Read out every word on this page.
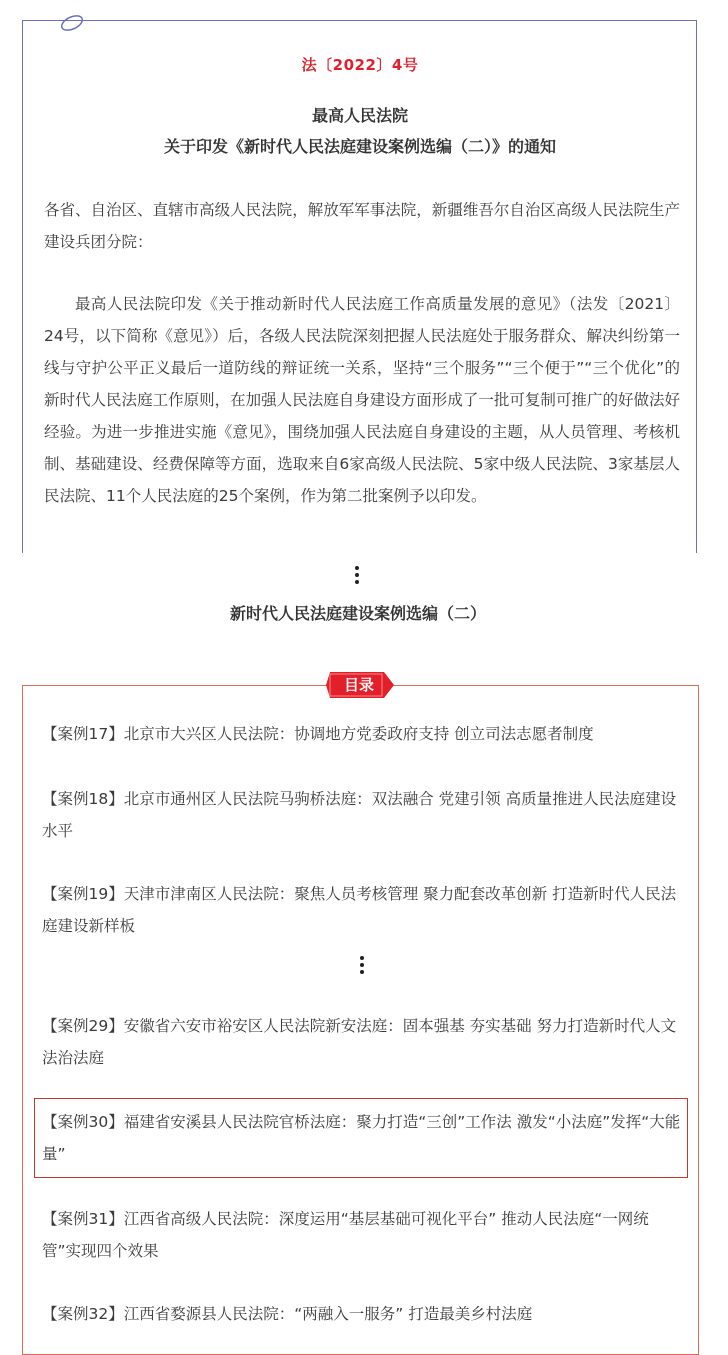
法〔2022〕4号
最高人民法院
关于印发《新时代人民法庭建设案例选编（二）》的通知

各省、自治区、直辖市高级人民法院，解放军军事法院，新疆维吾尔自治区高级人民法院生产建设兵团分院：

最高人民法院印发《关于推动新时代人民法庭工作高质量发展的意见》（法发〔2021〕24号，以下简称《意见》）后，各级人民法院深刻把握人民法庭处于服务群众、解决纠纷第一线与守护公平正义最后一道防线的辩证统一关系，坚持“三个服务”“三个便于”“三个优化”的新时代人民法庭工作原则，在加强人民法庭自身建设方面形成了一批可复制可推广的好做法好经验。为进一步推进实施《意见》，围绕加强人民法庭自身建设的主题，从人员管理、考核机制、基础建设、经费保障等方面，选取来自6家高级人民法院、5家中级人民法院、3家基层人民法院、11个人民法庭的25个案例，作为第二批案例予以印发。

新时代人民法庭建设案例选编（二）
目录

【案例17】北京市大兴区人民法院：协调地方党委政府支持 创立司法志愿者制度

【案例18】北京市通州区人民法院马驹桥法庭：双法融合 党建引领 高质量推进人民法庭建设水平

【案例19】天津市津南区人民法院：聚焦人员考核管理 聚力配套改革创新 打造新时代人民法庭建设新样板

【案例29】安徽省六安市裕安区人民法院新安法庭：固本强基 夯实基础 努力打造新时代人文法治法庭

【案例30】福建省安溪县人民法院官桥法庭：聚力打造“三创”工作法 激发“小法庭”发挥“大能量”

【案例31】江西省高级人民法院：深度运用“基层基础可视化平台” 推动人民法庭“一网统管”实现四个效果

【案例32】江西省婺源县人民法院：“两融入一服务” 打造最美乡村法庭
